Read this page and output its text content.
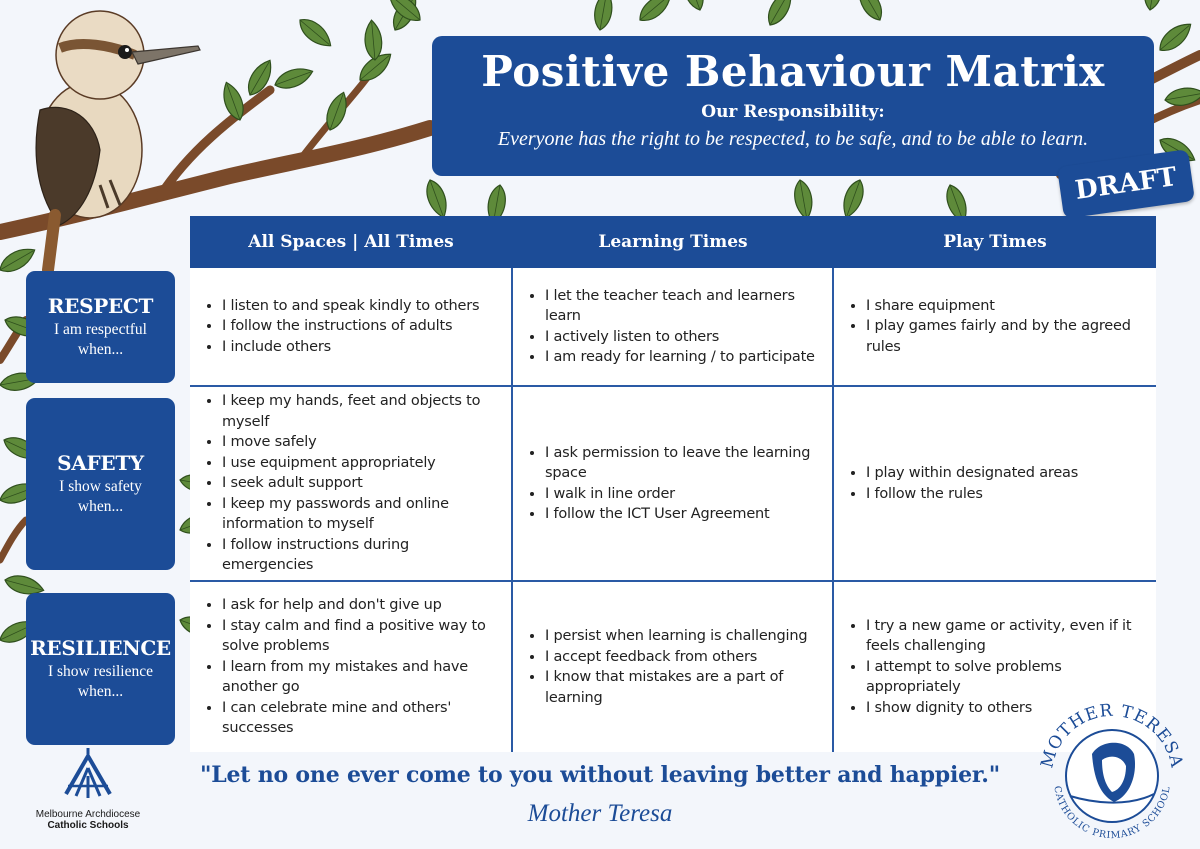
Positive Behaviour Matrix
Our Responsibility:
Everyone has the right to be respected, to be safe, and to be able to learn.
DRAFT
All Spaces | All Times	Learning Times	Play Times
• I listen to and speak kindly to others
• I follow the instructions of adults
• I include others
• I let the teacher teach and learners learn
• I actively listen to others
• I am ready for learning / to participate
• I share equipment
• I play games fairly and by the agreed rules
• I keep my hands, feet and objects to myself
• I move safely
• I use equipment appropriately
• I seek adult support
• I keep my passwords and online information to myself
• I follow instructions during emergencies
• I ask permission to leave the learning space
• I walk in line order
• I follow the ICT User Agreement
• I play within designated areas
• I follow the rules
• I ask for help and don't give up
• I stay calm and find a positive way to solve problems
• I learn from my mistakes and have another go
• I can celebrate mine and others' successes
• I persist when learning is challenging
• I accept feedback from others
• I know that mistakes are a part of learning
• I try a new game or activity, even if it feels challenging
• I attempt to solve problems appropriately
• I show dignity to others
RESPECT
I am respectful when...
SAFETY
I show safety when...
RESILIENCE
I show resilience when...
"Let no one ever come to you without leaving better and happier."
Mother Teresa
Melbourne Archdiocese
Catholic Schools
MOTHER TERESA
CATHOLIC PRIMARY SCHOOL
